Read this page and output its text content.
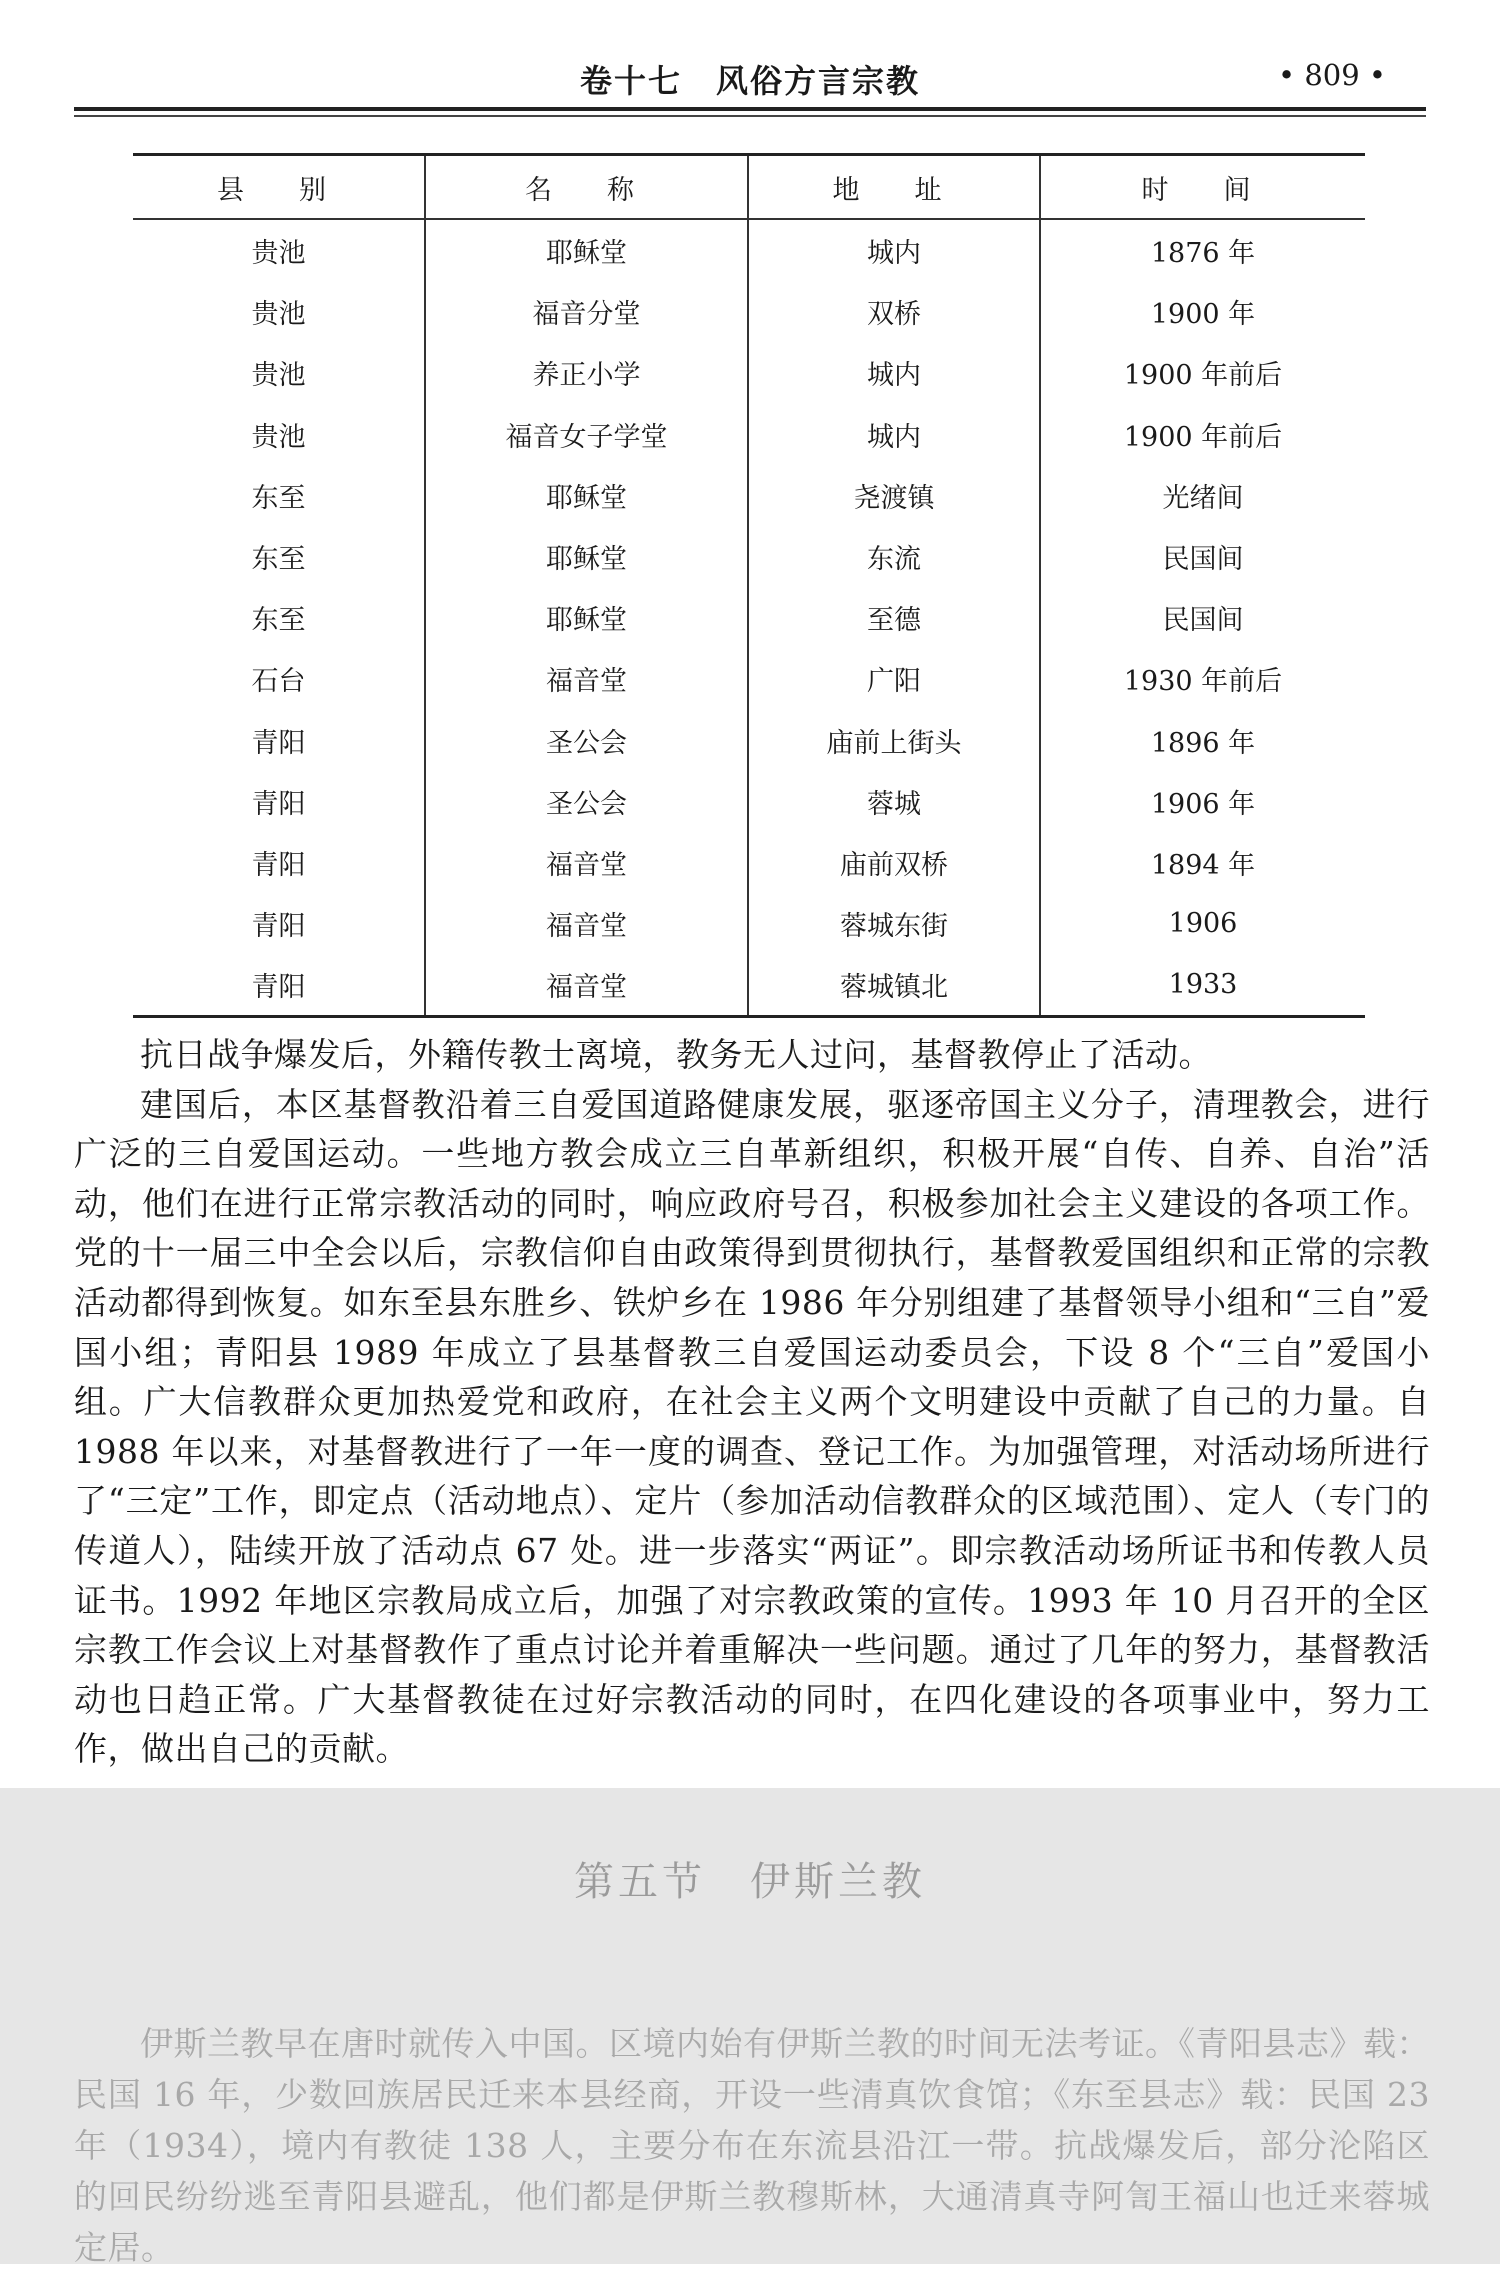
卷十七　风俗方言宗教	• 809 •
县　别	名　称	地　址	时　间
贵池	耶稣堂	城内	1876 年
贵池	福音分堂	双桥	1900 年
贵池	养正小学	城内	1900 年前后
贵池	福音女子学堂	城内	1900 年前后
东至	耶稣堂	尧渡镇	光绪间
东至	耶稣堂	东流	民国间
东至	耶稣堂	至德	民国间
石台	福音堂	广阳	1930 年前后
青阳	圣公会	庙前上街头	1896 年
青阳	圣公会	蓉城	1906 年
青阳	福音堂	庙前双桥	1894 年
青阳	福音堂	蓉城东街	1906
青阳	福音堂	蓉城镇北	1933

抗日战争爆发后，外籍传教士离境，教务无人过问，基督教停止了活动。

建国后，本区基督教沿着三自爱国道路健康发展，驱逐帝国主义分子，清理教会，进行广泛的三自爱国运动。一些地方教会成立三自革新组织，积极开展“自传、自养、自治”活动，他们在进行正常宗教活动的同时，响应政府号召，积极参加社会主义建设的各项工作。党的十一届三中全会以后，宗教信仰自由政策得到贯彻执行，基督教爱国组织和正常的宗教活动都得到恢复。如东至县东胜乡、铁炉乡在 1986 年分别组建了基督领导小组和“三自”爱国小组；青阳县 1989 年成立了县基督教三自爱国运动委员会，下设 8 个“三自”爱国小组。广大信教群众更加热爱党和政府，在社会主义两个文明建设中贡献了自己的力量。自 1988 年以来，对基督教进行了一年一度的调查、登记工作。为加强管理，对活动场所进行了“三定”工作，即定点（活动地点）、定片（参加活动信教群众的区域范围）、定人（专门的传道人），陆续开放了活动点 67 处。进一步落实“两证”。即宗教活动场所证书和传教人员证书。1992 年地区宗教局成立后，加强了对宗教政策的宣传。1993 年 10 月召开的全区宗教工作会议上对基督教作了重点讨论并着重解决一些问题。通过了几年的努力，基督教活动也日趋正常。广大基督教徒在过好宗教活动的同时，在四化建设的各项事业中，努力工作，做出自己的贡献。

第五节　伊斯兰教

伊斯兰教早在唐时就传入中国。区境内始有伊斯兰教的时间无法考证。《青阳县志》载：民国 16 年，少数回族居民迁来本县经商，开设一些清真饮食馆；《东至县志》载：民国 23 年（1934），境内有教徒 138 人，主要分布在东流县沿江一带。抗战爆发后，部分沦陷区的回民纷纷逃至青阳县避乱，他们都是伊斯兰教穆斯林，大通清真寺阿訇王福山也迁来蓉城定居。
